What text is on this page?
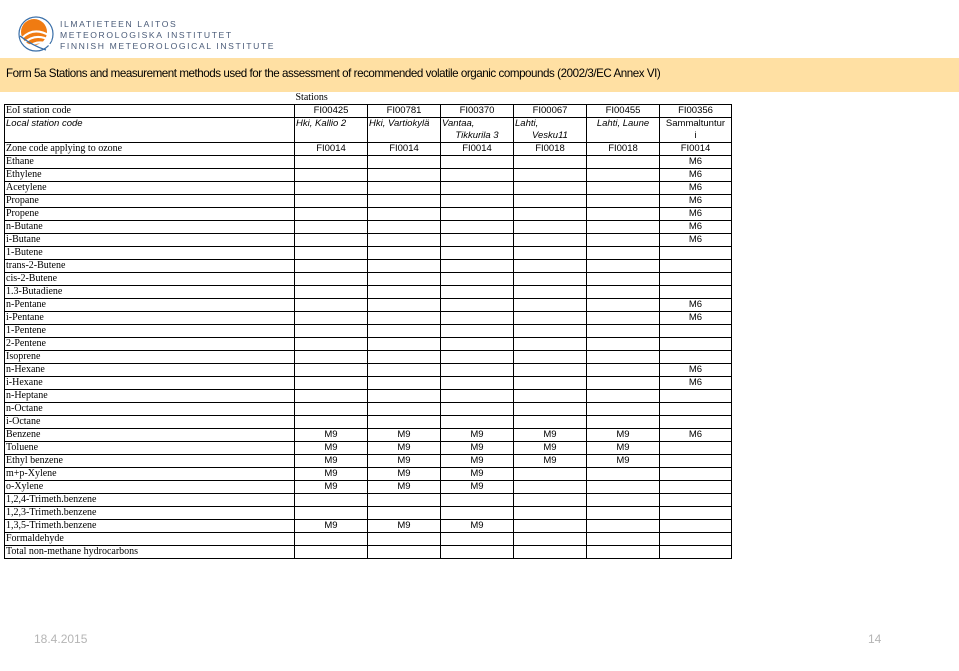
ILMATIETEEN LAITOS
METEOROLOGISKA INSTITUTET
FINNISH METEOROLOGICAL INSTITUTE
Form 5a Stations and measurement methods used for the assessment of recommended volatile organic compounds (2002/3/EC Annex VI)
	Stations					
EoI station code	FI00425	FI00781	FI00370	FI00067	FI00455	FI00356
Local station code	Hki, Kallio 2	Hki, Vartiokylä	Vantaa,	Lahti,	Lahti, Laune	Sammaltuntur
			Tikkurila 3	Vesku11		i
Zone code applying to ozone	FI0014	FI0014	FI0014	FI0018	FI0018	FI0014
Ethane						M6
Ethylene						M6
Acetylene						M6
Propane						M6
Propene						M6
n-Butane						M6
i-Butane						M6
1-Butene						
trans-2-Butene						
cis-2-Butene						
1.3-Butadiene						
n-Pentane						M6
i-Pentane						M6
1-Pentene						
2-Pentene						
Isoprene						
n-Hexane						M6
i-Hexane						M6
n-Heptane						
n-Octane						
i-Octane						
Benzene	M9	M9	M9	M9	M9	M6
Toluene	M9	M9	M9	M9	M9	
Ethyl benzene	M9	M9	M9	M9	M9	
m+p-Xylene	M9	M9	M9			
o-Xylene	M9	M9	M9			
1,2,4-Trimeth.benzene						
1,2,3-Trimeth.benzene						
1,3,5-Trimeth.benzene	M9	M9	M9			
Formaldehyde						
Total non-methane hydrocarbons						
18.4.2015	14
